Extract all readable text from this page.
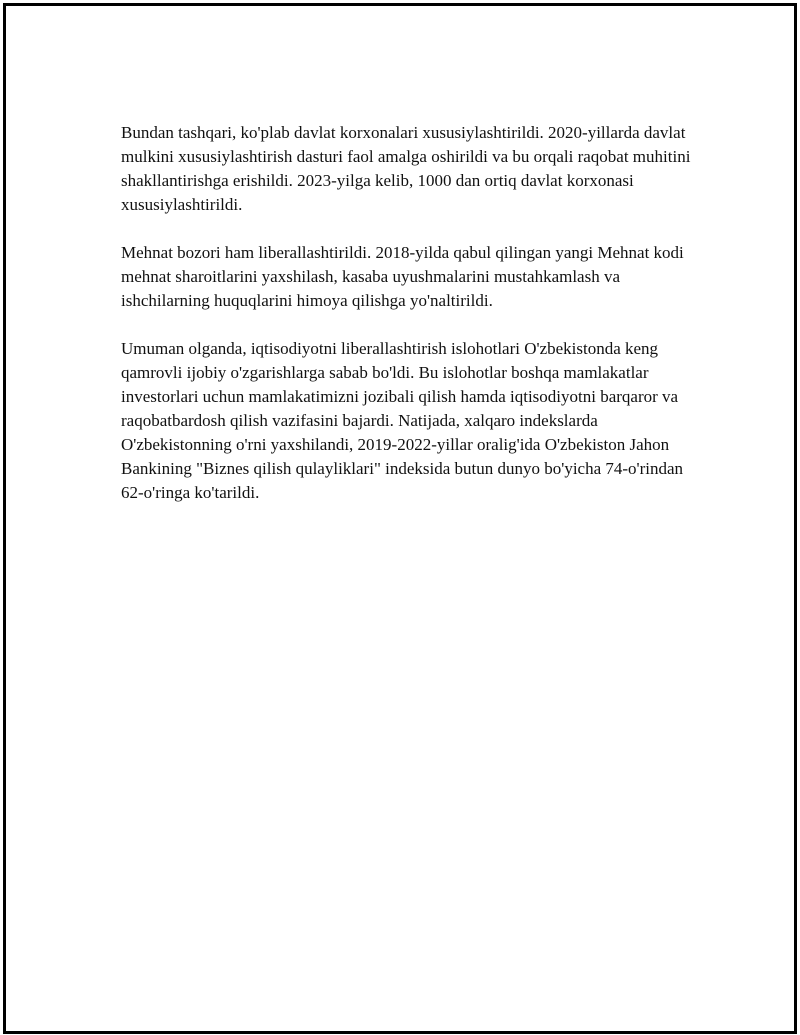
Bundan tashqari, ko'plab davlat korxonalari xususiylashtirildi. 2020-yillarda davlat mulkini xususiylashtirish dasturi faol amalga oshirildi va bu orqali raqobat muhitini shakllantirishga erishildi. 2023-yilga kelib, 1000 dan ortiq davlat korxonasi xususiylashtirildi.

Mehnat bozori ham liberallashtirildi. 2018-yilda qabul qilingan yangi Mehnat kodi mehnat sharoitlarini yaxshilash, kasaba uyushmalarini mustahkamlash va ishchilarning huquqlarini himoya qilishga yo'naltirildi.

Umuman olganda, iqtisodiyotni liberallashtirish islohotlari O'zbekistonda keng qamrovli ijobiy o'zgarishlarga sabab bo'ldi. Bu islohotlar boshqa mamlakatlar investorlari uchun mamlakatimizni jozibali qilish hamda iqtisodiyotni barqaror va raqobatbardosh qilish vazifasini bajardi. Natijada, xalqaro indekslarda O'zbekistonning o'rni yaxshilandi, 2019-2022-yillar oralig'ida O'zbekiston Jahon Bankining "Biznes qilish qulayliklari" indeksida butun dunyo bo'yicha 74-o'rindan 62-o'ringa ko'tarildi.
